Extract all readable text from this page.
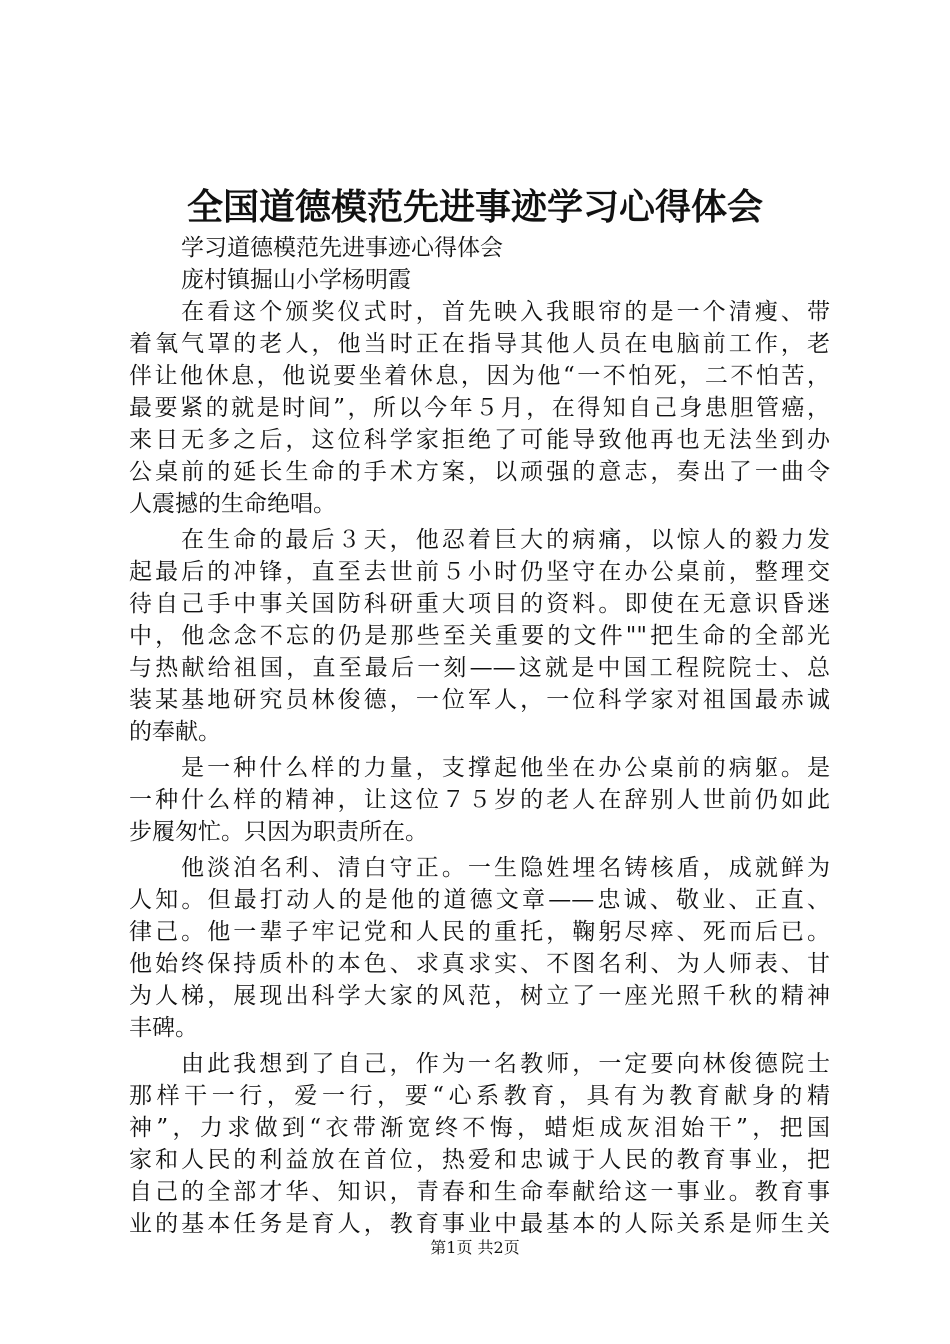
全国道德模范先进事迹学习心得体会
学习道德模范先进事迹心得体会
庞村镇掘山小学杨明霞
在看这个颁奖仪式时，首先映入我眼帘的是一个清瘦、带
着氧气罩的老人，他当时正在指导其他人员在电脑前工作，老
伴让他休息，他说要坐着休息，因为他“一不怕死，二不怕苦，
最要紧的就是时间”，所以今年５月，在得知自己身患胆管癌，
来日无多之后，这位科学家拒绝了可能导致他再也无法坐到办
公桌前的延长生命的手术方案，以顽强的意志，奏出了一曲令
人震撼的生命绝唱。
在生命的最后３天，他忍着巨大的病痛，以惊人的毅力发
起最后的冲锋，直至去世前５小时仍坚守在办公桌前，整理交
待自己手中事关国防科研重大项目的资料。即使在无意识昏迷
中，他念念不忘的仍是那些至关重要的文件""把生命的全部光
与热献给祖国，直至最后一刻——这就是中国工程院院士、总
装某基地研究员林俊德，一位军人，一位科学家对祖国最赤诚
的奉献。
是一种什么样的力量，支撑起他坐在办公桌前的病躯。是
一种什么样的精神，让这位７５岁的老人在辞别人世前仍如此
步履匆忙。只因为职责所在。
他淡泊名利、清白守正。一生隐姓埋名铸核盾，成就鲜为
人知。但最打动人的是他的道德文章——忠诚、敬业、正直、
律己。他一辈子牢记党和人民的重托，鞠躬尽瘁、死而后已。
他始终保持质朴的本色、求真求实、不图名利、为人师表、甘
为人梯，展现出科学大家的风范，树立了一座光照千秋的精神
丰碑。
由此我想到了自己，作为一名教师，一定要向林俊德院士
那样干一行，爱一行，要“心系教育，具有为教育献身的精
神”，力求做到“衣带渐宽终不悔，蜡炬成灰泪始干”，把国
家和人民的利益放在首位，热爱和忠诚于人民的教育事业，把
自己的全部才华、知识，青春和生命奉献给这一事业。教育事
业的基本任务是育人，教育事业中最基本的人际关系是师生关
第1页 共2页
